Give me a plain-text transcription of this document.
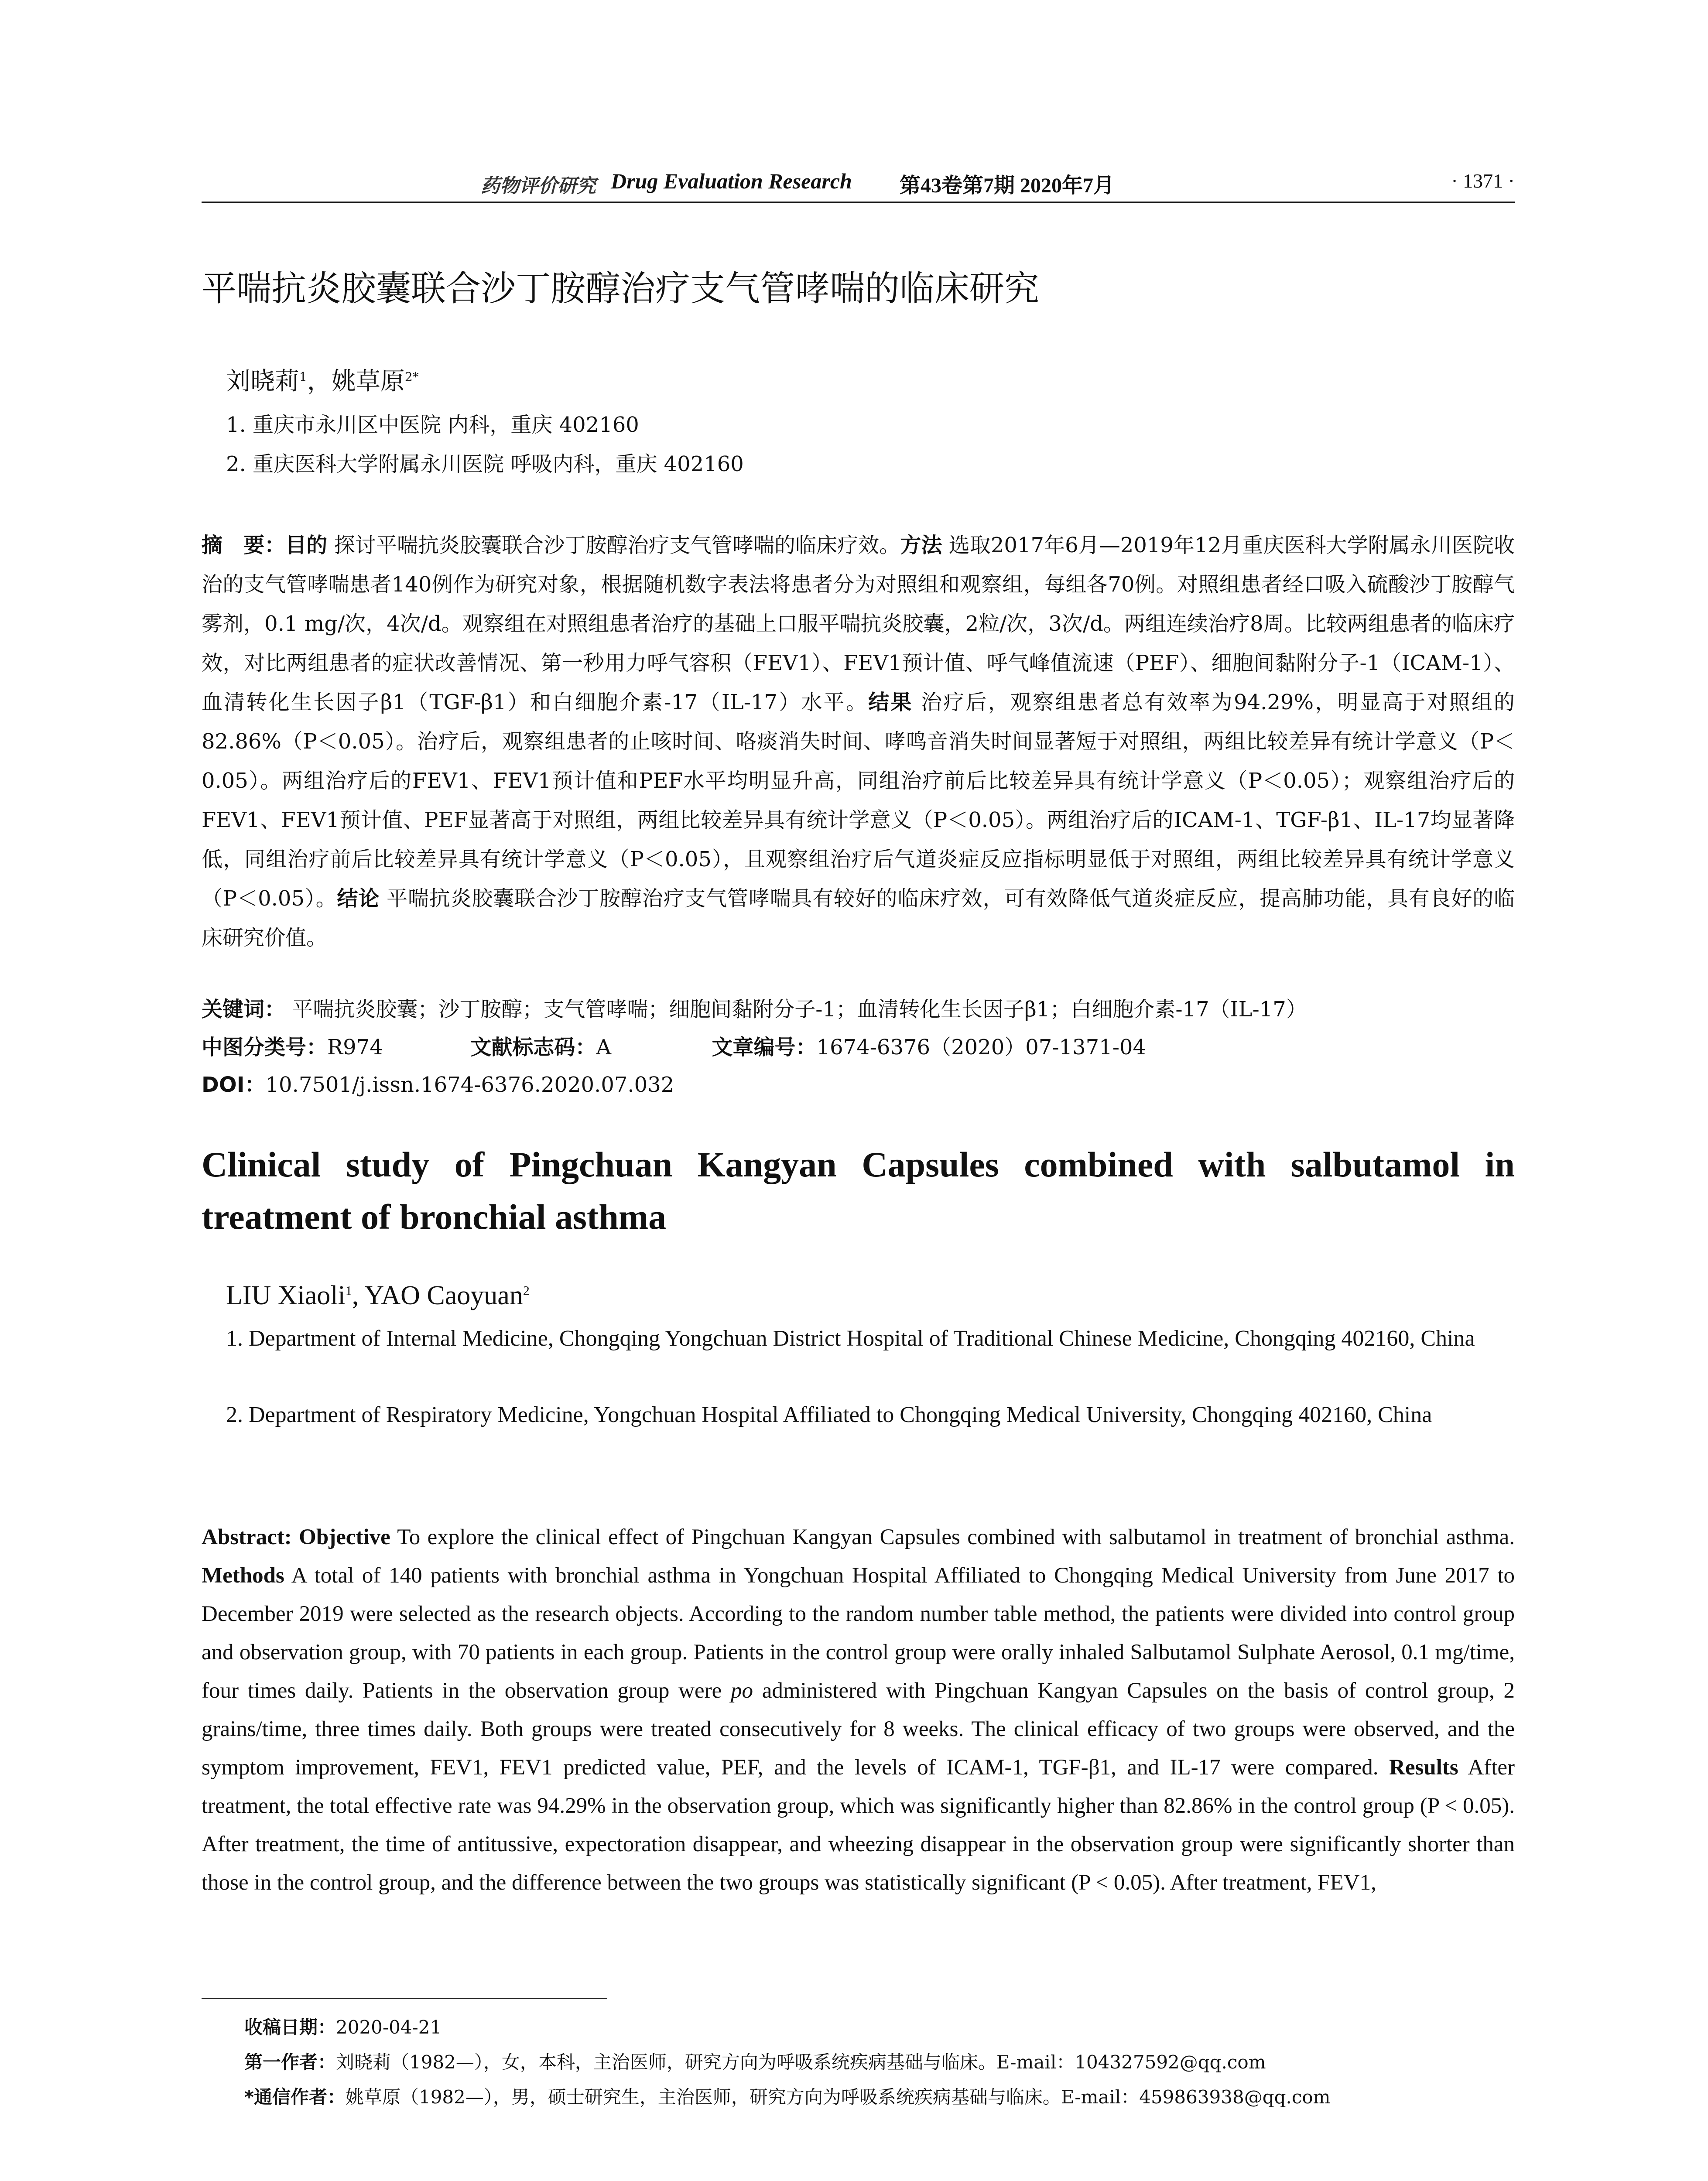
药物评价研究 Drug Evaluation Research 第43卷第7期 2020年7月	· 1371 ·
平喘抗炎胶囊联合沙丁胺醇治疗支气管哮喘的临床研究
刘晓莉$^1$，姚草原$^{2*}$
1. 重庆市永川区中医院 内科，重庆 402160
2. 重庆医科大学附属永川医院 呼吸内科，重庆 402160
摘　要：目的 探讨平喘抗炎胶囊联合沙丁胺醇治疗支气管哮喘的临床疗效。方法 选取2017年6月—2019年12月重庆医科大学附属永川医院收治的支气管哮喘患者140例作为研究对象，根据随机数字表法将患者分为对照组和观察组，每组各70例。对照组患者经口吸入硫酸沙丁胺醇气雾剂，0.1 mg/次，4次/d。观察组在对照组患者治疗的基础上口服平喘抗炎胶囊，2粒/次，3次/d。两组连续治疗8周。比较两组患者的临床疗效，对比两组患者的症状改善情况、第一秒用力呼气容积（FEV1）、FEV1预计值、呼气峰值流速（PEF）、细胞间黏附分子-1（ICAM-1）、血清转化生长因子β1（TGF-β1）和白细胞介素-17（IL-17）水平。结果 治疗后，观察组患者总有效率为94.29%，明显高于对照组的82.86%（P＜0.05）。治疗后，观察组患者的止咳时间、咯痰消失时间、哮鸣音消失时间显著短于对照组，两组比较差异有统计学意义（P＜0.05）。两组治疗后的FEV1、FEV1预计值和PEF水平均明显升高，同组治疗前后比较差异具有统计学意义（P＜0.05）；观察组治疗后的FEV1、FEV1预计值、PEF显著高于对照组，两组比较差异具有统计学意义（P＜0.05）。两组治疗后的ICAM-1、TGF-β1、IL-17均显著降低，同组治疗前后比较差异具有统计学意义（P＜0.05），且观察组治疗后气道炎症反应指标明显低于对照组，两组比较差异具有统计学意义（P＜0.05）。结论 平喘抗炎胶囊联合沙丁胺醇治疗支气管哮喘具有较好的临床疗效，可有效降低气道炎症反应，提高肺功能，具有良好的临床研究价值。
关键词： 平喘抗炎胶囊；沙丁胺醇；支气管哮喘；细胞间黏附分子-1；血清转化生长因子β1；白细胞介素-17（IL-17）
中图分类号：R974	文献标志码：A	文章编号：1674-6376（2020）07-1371-04
DOI：10.7501/j.issn.1674-6376.2020.07.032
Clinical study of Pingchuan Kangyan Capsules combined with salbutamol in treatment of bronchial asthma
LIU Xiaoli$^1$, YAO Caoyuan$^2$
1. Department of Internal Medicine, Chongqing Yongchuan District Hospital of Traditional Chinese Medicine, Chongqing 402160, China
2. Department of Respiratory Medicine, Yongchuan Hospital Affiliated to Chongqing Medical University, Chongqing 402160, China
Abstract: Objective To explore the clinical effect of Pingchuan Kangyan Capsules combined with salbutamol in treatment of bronchial asthma. Methods A total of 140 patients with bronchial asthma in Yongchuan Hospital Affiliated to Chongqing Medical University from June 2017 to December 2019 were selected as the research objects. According to the random number table method, the patients were divided into control group and observation group, with 70 patients in each group. Patients in the control group were orally inhaled Salbutamol Sulphate Aerosol, 0.1 mg/time, four times daily. Patients in the observation group were po administered with Pingchuan Kangyan Capsules on the basis of control group, 2 grains/time, three times daily. Both groups were treated consecutively for 8 weeks. The clinical efficacy of two groups were observed, and the symptom improvement, FEV1, FEV1 predicted value, PEF, and the levels of ICAM-1, TGF-β1, and IL-17 were compared. Results After treatment, the total effective rate was 94.29% in the observation group, which was significantly higher than 82.86% in the control group (P < 0.05). After treatment, the time of antitussive, expectoration disappear, and wheezing disappear in the observation group were significantly shorter than those in the control group, and the difference between the two groups was statistically significant (P < 0.05). After treatment, FEV1,
收稿日期：2020-04-21
第一作者：刘晓莉（1982—），女，本科，主治医师，研究方向为呼吸系统疾病基础与临床。E-mail：104327592@qq.com
*通信作者：姚草原（1982—），男，硕士研究生，主治医师，研究方向为呼吸系统疾病基础与临床。E-mail：459863938@qq.com
